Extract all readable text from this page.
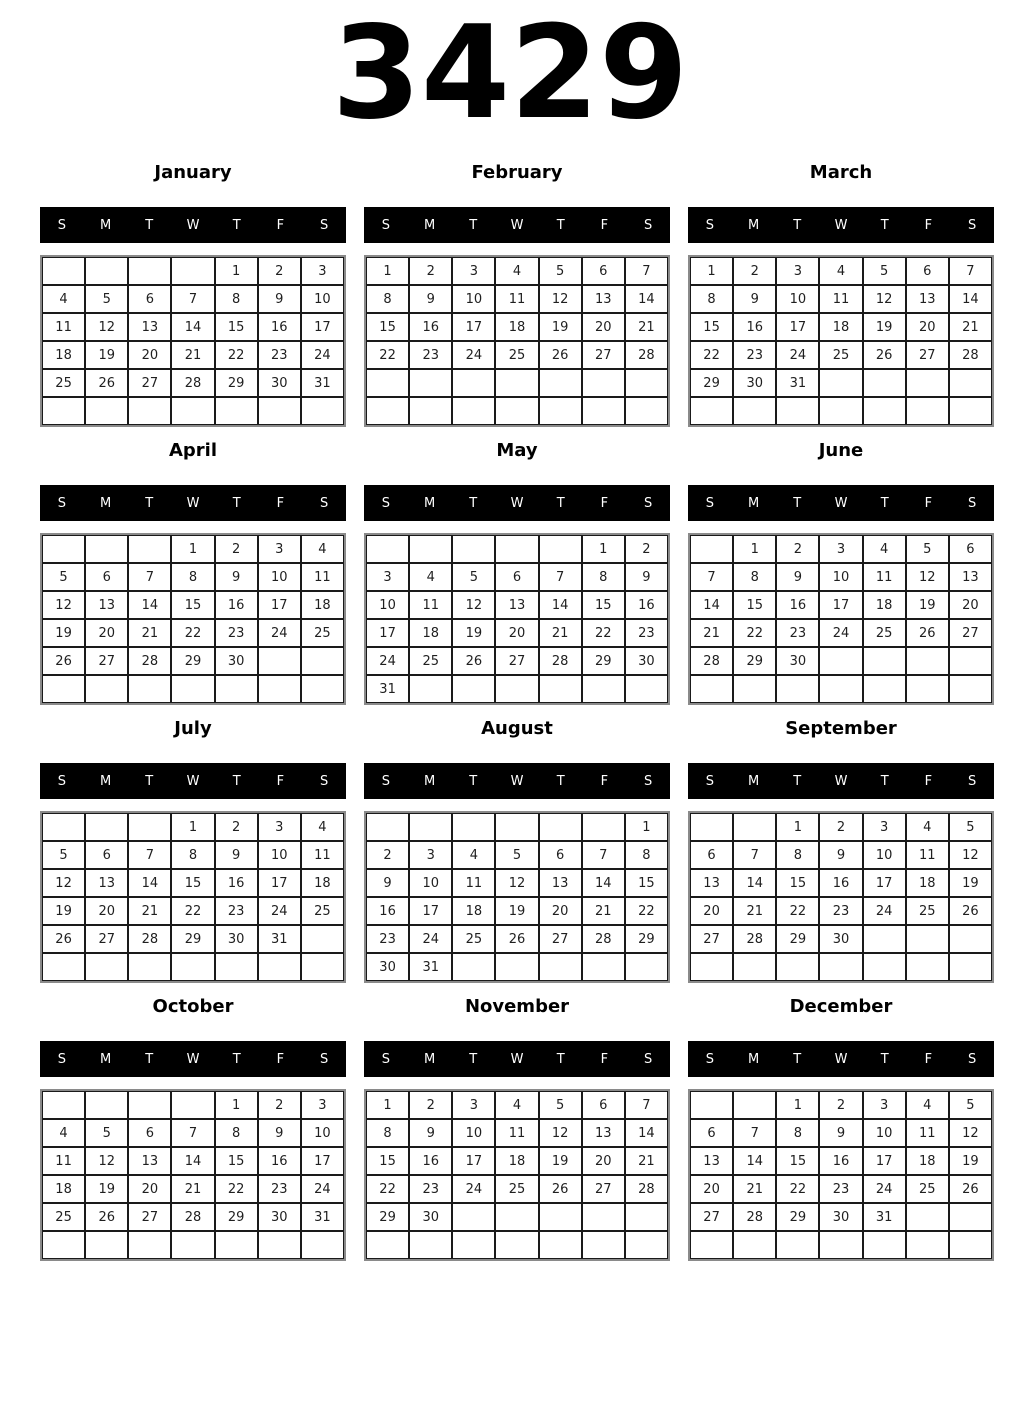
3429
January
S	M	T	W	T	F	S
				1	2	3
4	5	6	7	8	9	10
11	12	13	14	15	16	17
18	19	20	21	22	23	24
25	26	27	28	29	30	31

February
S	M	T	W	T	F	S
1	2	3	4	5	6	7
8	9	10	11	12	13	14
15	16	17	18	19	20	21
22	23	24	25	26	27	28

March
S	M	T	W	T	F	S
1	2	3	4	5	6	7
8	9	10	11	12	13	14
15	16	17	18	19	20	21
22	23	24	25	26	27	28
29	30	31				

April
S	M	T	W	T	F	S
			1	2	3	4
5	6	7	8	9	10	11
12	13	14	15	16	17	18
19	20	21	22	23	24	25
26	27	28	29	30		

May
S	M	T	W	T	F	S
					1	2
3	4	5	6	7	8	9
10	11	12	13	14	15	16
17	18	19	20	21	22	23
24	25	26	27	28	29	30
31						
June
S	M	T	W	T	F	S
	1	2	3	4	5	6
7	8	9	10	11	12	13
14	15	16	17	18	19	20
21	22	23	24	25	26	27
28	29	30				

July
S	M	T	W	T	F	S
			1	2	3	4
5	6	7	8	9	10	11
12	13	14	15	16	17	18
19	20	21	22	23	24	25
26	27	28	29	30	31	

August
S	M	T	W	T	F	S
						1
2	3	4	5	6	7	8
9	10	11	12	13	14	15
16	17	18	19	20	21	22
23	24	25	26	27	28	29
30	31					
September
S	M	T	W	T	F	S
		1	2	3	4	5
6	7	8	9	10	11	12
13	14	15	16	17	18	19
20	21	22	23	24	25	26
27	28	29	30			

October
S	M	T	W	T	F	S
				1	2	3
4	5	6	7	8	9	10
11	12	13	14	15	16	17
18	19	20	21	22	23	24
25	26	27	28	29	30	31

November
S	M	T	W	T	F	S
1	2	3	4	5	6	7
8	9	10	11	12	13	14
15	16	17	18	19	20	21
22	23	24	25	26	27	28
29	30					

December
S	M	T	W	T	F	S
		1	2	3	4	5
6	7	8	9	10	11	12
13	14	15	16	17	18	19
20	21	22	23	24	25	26
27	28	29	30	31		
